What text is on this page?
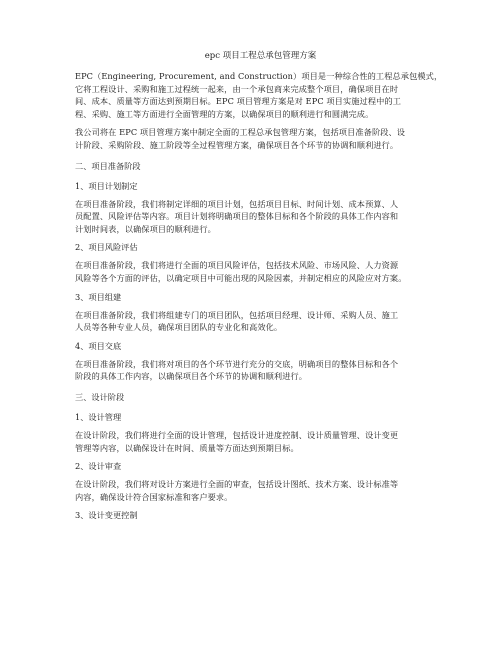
epc 项目工程总承包管理方案
EPC（Engineering, Procurement, and Construction）项目是一种综合性的工程总承包模式，
它将工程设计、采购和施工过程统一起来，由一个承包商来完成整个项目，确保项目在时
间、成本、质量等方面达到预期目标。EPC 项目管理方案是对 EPC 项目实施过程中的工
程、采购、施工等方面进行全面管理的方案，以确保项目的顺利进行和圆满完成。
我公司将在 EPC 项目管理方案中制定全面的工程总承包管理方案，包括项目准备阶段、设
计阶段、采购阶段、施工阶段等全过程管理方案，确保项目各个环节的协调和顺利进行。
二、项目准备阶段
1、项目计划制定
在项目准备阶段，我们将制定详细的项目计划，包括项目目标、时间计划、成本预算、人
员配置、风险评估等内容。项目计划将明确项目的整体目标和各个阶段的具体工作内容和
计划时间表，以确保项目的顺利进行。
2、项目风险评估
在项目准备阶段，我们将进行全面的项目风险评估，包括技术风险、市场风险、人力资源
风险等各个方面的评估，以确定项目中可能出现的风险因素，并制定相应的风险应对方案。
3、项目组建
在项目准备阶段，我们将组建专门的项目团队，包括项目经理、设计师、采购人员、施工
人员等各种专业人员，确保项目团队的专业化和高效化。
4、项目交底
在项目准备阶段，我们将对项目的各个环节进行充分的交底，明确项目的整体目标和各个
阶段的具体工作内容，以确保项目各个环节的协调和顺利进行。
三、设计阶段
1、设计管理
在设计阶段，我们将进行全面的设计管理，包括设计进度控制、设计质量管理、设计变更
管理等内容，以确保设计在时间、质量等方面达到预期目标。
2、设计审查
在设计阶段，我们将对设计方案进行全面的审查，包括设计图纸、技术方案、设计标准等
内容，确保设计符合国家标准和客户要求。
3、设计变更控制
